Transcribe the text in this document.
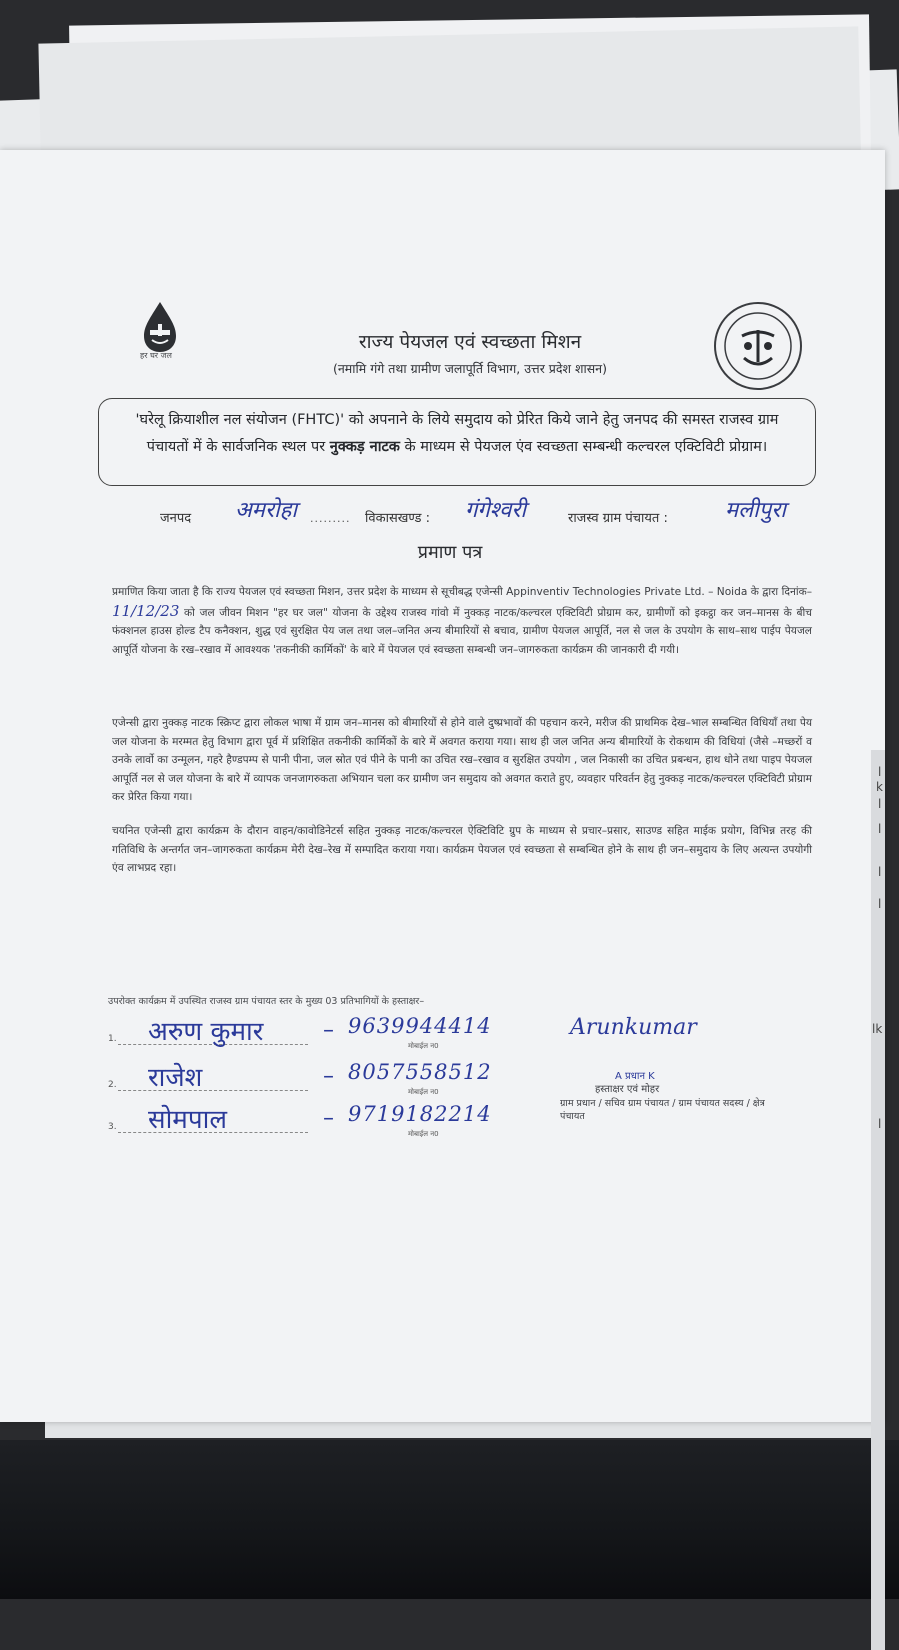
हर घर जल
राज्य पेयजल एवं स्वच्छता मिशन
(नमामि गंगे तथा ग्रामीण जलापूर्ति विभाग, उत्तर प्रदेश शासन)
'घरेलू क्रियाशील नल संयोजन (FHTC)' को अपनाने के लिये समुदाय को प्रेरित किये जाने हेतु जनपद की समस्त राजस्व ग्राम पंचायतों में के सार्वजनिक स्थल पर नुक्कड़ नाटक के माध्यम से पेयजल एंव स्वच्छता सम्बन्धी कल्चरल एक्टिविटी प्रोग्राम।
जनपद अमरोहा ......... विकासखण्ड : गंगेश्वरी	राजस्व ग्राम पंचायत :	मलीपुरा
प्रमाण पत्र
प्रमाणित किया जाता है कि राज्य पेयजल एवं स्वच्छता मिशन, उत्तर प्रदेश के माध्यम से सूचीबद्ध एजेन्सी Appinventiv Technologies Private Ltd. – Noida के द्वारा दिनांक–11/12/23 को जल जीवन मिशन "हर घर जल" योजना के उद्देश्य राजस्व गांवो में नुक्कड़ नाटक/कल्चरल एक्टिविटी प्रोग्राम कर, ग्रामीणों को इकट्ठा कर जन–मानस के बीच फंक्शनल हाउस होल्ड टैप कनैक्शन, शुद्ध एवं सुरक्षित पेय जल तथा जल–जनित अन्य बीमारियों से बचाव, ग्रामीण पेयजल आपूर्ति, नल से जल के उपयोग के साथ–साथ पाईप पेयजल आपूर्ति योजना के रख–रखाव में आवश्यक 'तकनीकी कार्मिकों' के बारे में पेयजल एवं स्वच्छता सम्बन्धी जन–जागरुकता कार्यक्रम की जानकारी दी गयी।
एजेन्सी द्वारा नुक्कड़ नाटक स्क्रिप्ट द्वारा लोकल भाषा में ग्राम जन–मानस को बीमारियों से होने वाले दुष्प्रभावों की पहचान करने, मरीज की प्राथमिक देख–भाल सम्बन्धित विधियाँ तथा पेय जल योजना के मरम्मत हेतु विभाग द्वारा पूर्व में प्रशिक्षित तकनीकी कार्मिकों के बारे में अवगत कराया गया। साथ ही जल जनित अन्य बीमारियों के रोकथाम की विधियां (जैसे –मच्छरों व उनके लार्वो का उन्मूलन, गहरे हैण्डपम्प से पानी पीना, जल स्रोत एवं पीने के पानी का उचित रख–रखाव व सुरक्षित उपयोग , जल निकासी का उचित प्रबन्धन, हाथ धोने तथा पाइप पेयजल आपूर्ति नल से जल योजना के बारे में व्यापक जनजागरुकता अभियान चला कर ग्रामीण जन समुदाय को अवगत कराते हुए, व्यवहार परिवर्तन हेतु नुक्कड़ नाटक/कल्चरल एक्टिविटी प्रोग्राम कर प्रेरित किया गया।
चयनित एजेन्सी द्वारा कार्यक्रम के दौरान वाहन/कावोडिनेटर्स सहित नुक्कड़ नाटक/कल्चरल ऐक्टिविटि ग्रुप के माध्यम से प्रचार–प्रसार, साउण्ड सहित माईक प्रयोग, विभिन्न तरह की गतिविधि के अन्तर्गत जन–जागरुकता कार्यक्रम मेरी देख–रेख में सम्पादित कराया गया। कार्यक्रम पेयजल एवं स्वच्छता से सम्बन्धित होने के साथ ही जन–समुदाय के लिए अत्यन्त उपयोगी एंव लाभप्रद रहा।
उपरोक्त कार्यक्रम में उपस्थित राजस्व ग्राम पंचायत स्तर के मुख्य 03 प्रतिभागियों के हस्ताक्षर–
1. अरुण कुमार	– 9639944414
मोबाईल न0
2. राजेश	– 8057558512
मोबाईल न0
3. सोमपाल	– 9719182214
मोबाईल न0
Arunkumar
A प्रधान K
हस्ताक्षर एवं मोहर
ग्राम प्रधान / सचिव ग्राम पंचायत / ग्राम पंचायत सदस्य / क्षेत्र पंचायत
l
k
l
l
l
l
lk
l
